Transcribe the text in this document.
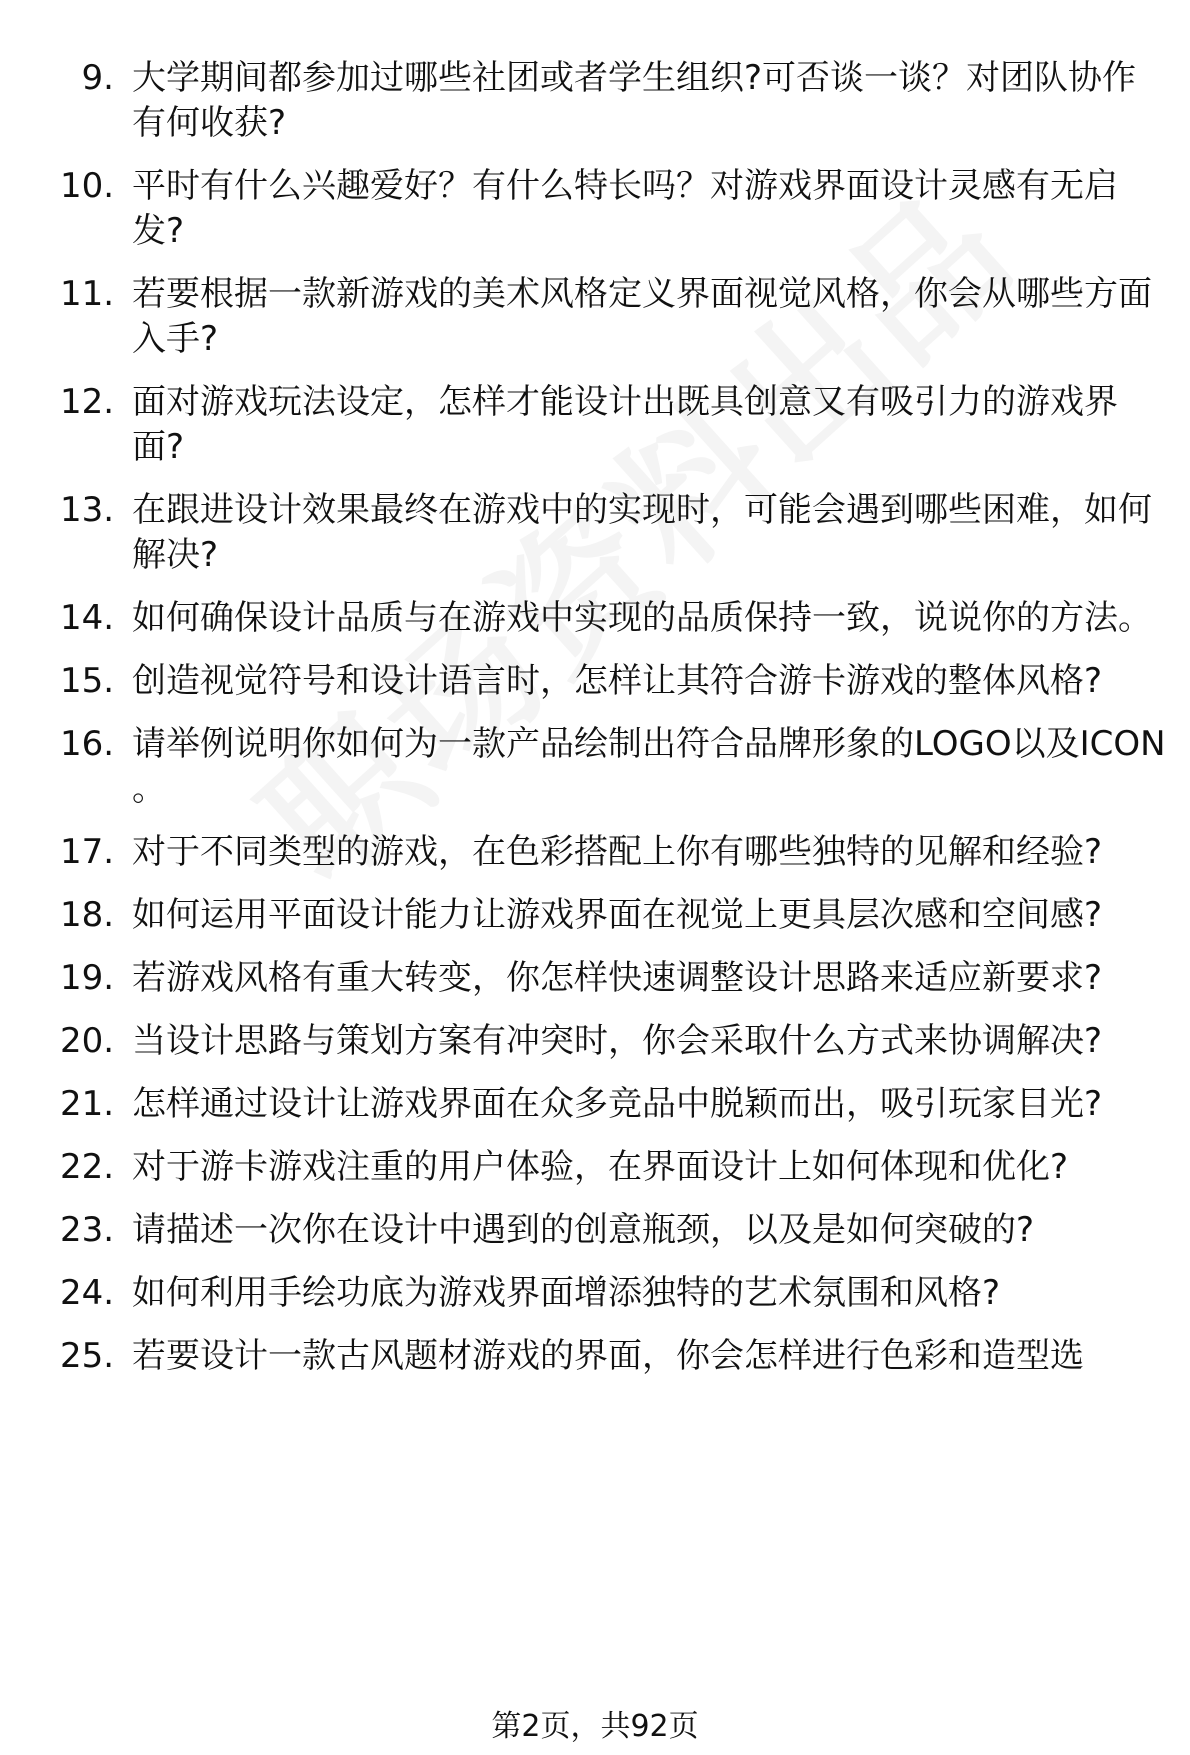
9. 大学期间都参加过哪些社团或者学生组织?可否谈一谈？对团队协作有何收获?
10. 平时有什么兴趣爱好？有什么特长吗？对游戏界面设计灵感有无启发?
11. 若要根据一款新游戏的美术风格定义界面视觉风格，你会从哪些方面入手?
12. 面对游戏玩法设定，怎样才能设计出既具创意又有吸引力的游戏界面?
13. 在跟进设计效果最终在游戏中的实现时，可能会遇到哪些困难，如何解决?
14. 如何确保设计品质与在游戏中实现的品质保持一致，说说你的方法。
15. 创造视觉符号和设计语言时，怎样让其符合游卡游戏的整体风格?
16. 请举例说明你如何为一款产品绘制出符合品牌形象的LOGO以及ICON 。
17. 对于不同类型的游戏，在色彩搭配上你有哪些独特的见解和经验?
18. 如何运用平面设计能力让游戏界面在视觉上更具层次感和空间感?
19. 若游戏风格有重大转变，你怎样快速调整设计思路来适应新要求?
20. 当设计思路与策划方案有冲突时，你会采取什么方式来协调解决?
21. 怎样通过设计让游戏界面在众多竞品中脱颖而出，吸引玩家目光?
22. 对于游卡游戏注重的用户体验，在界面设计上如何体现和优化?
23. 请描述一次你在设计中遇到的创意瓶颈，以及是如何突破的?
24. 如何利用手绘功底为游戏界面增添独特的艺术氛围和风格?
25. 若要设计一款古风题材游戏的界面，你会怎样进行色彩和造型选
第2页，共92页
